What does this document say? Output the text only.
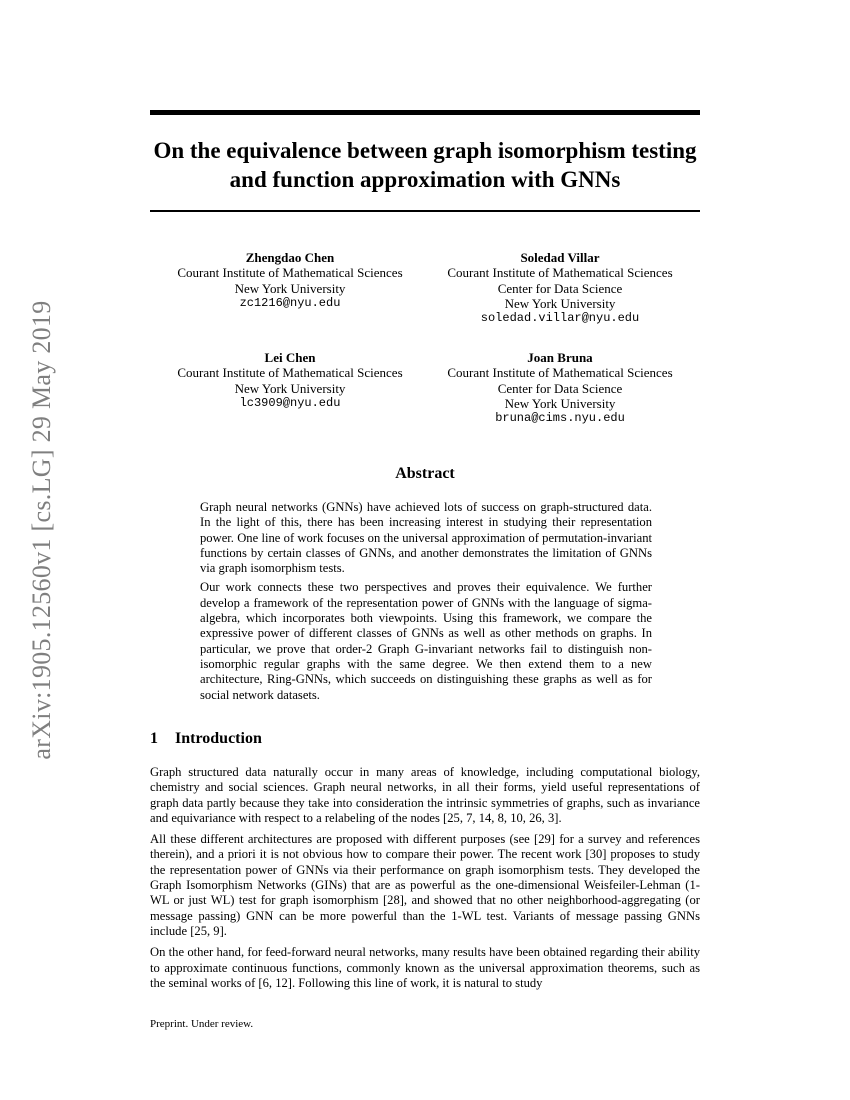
arXiv:1905.12560v1 [cs.LG] 29 May 2019
On the equivalence between graph isomorphism testing and function approximation with GNNs
Zhengdao Chen
Courant Institute of Mathematical Sciences
New York University
zc1216@nyu.edu
Soledad Villar
Courant Institute of Mathematical Sciences
Center for Data Science
New York University
soledad.villar@nyu.edu
Lei Chen
Courant Institute of Mathematical Sciences
New York University
lc3909@nyu.edu
Joan Bruna
Courant Institute of Mathematical Sciences
Center for Data Science
New York University
bruna@cims.nyu.edu
Abstract

Graph neural networks (GNNs) have achieved lots of success on graph-structured data. In the light of this, there has been increasing interest in studying their representation power. One line of work focuses on the universal approximation of permutation-invariant functions by certain classes of GNNs, and another demonstrates the limitation of GNNs via graph isomorphism tests.

Our work connects these two perspectives and proves their equivalence. We further develop a framework of the representation power of GNNs with the language of sigma-algebra, which incorporates both viewpoints. Using this framework, we compare the expressive power of different classes of GNNs as well as other methods on graphs. In particular, we prove that order-2 Graph G-invariant networks fail to distinguish non-isomorphic regular graphs with the same degree. We then extend them to a new architecture, Ring-GNNs, which succeeds on distinguishing these graphs as well as for social network datasets.

1 Introduction

Graph structured data naturally occur in many areas of knowledge, including computational biology, chemistry and social sciences. Graph neural networks, in all their forms, yield useful representations of graph data partly because they take into consideration the intrinsic symmetries of graphs, such as invariance and equivariance with respect to a relabeling of the nodes [25, 7, 14, 8, 10, 26, 3].

All these different architectures are proposed with different purposes (see [29] for a survey and references therein), and a priori it is not obvious how to compare their power. The recent work [30] proposes to study the representation power of GNNs via their performance on graph isomorphism tests. They developed the Graph Isomorphism Networks (GINs) that are as powerful as the one-dimensional Weisfeiler-Lehman (1-WL or just WL) test for graph isomorphism [28], and showed that no other neighborhood-aggregating (or message passing) GNN can be more powerful than the 1-WL test. Variants of message passing GNNs include [25, 9].

On the other hand, for feed-forward neural networks, many results have been obtained regarding their ability to approximate continuous functions, commonly known as the universal approximation theorems, such as the seminal works of [6, 12]. Following this line of work, it is natural to study

Preprint. Under review.
